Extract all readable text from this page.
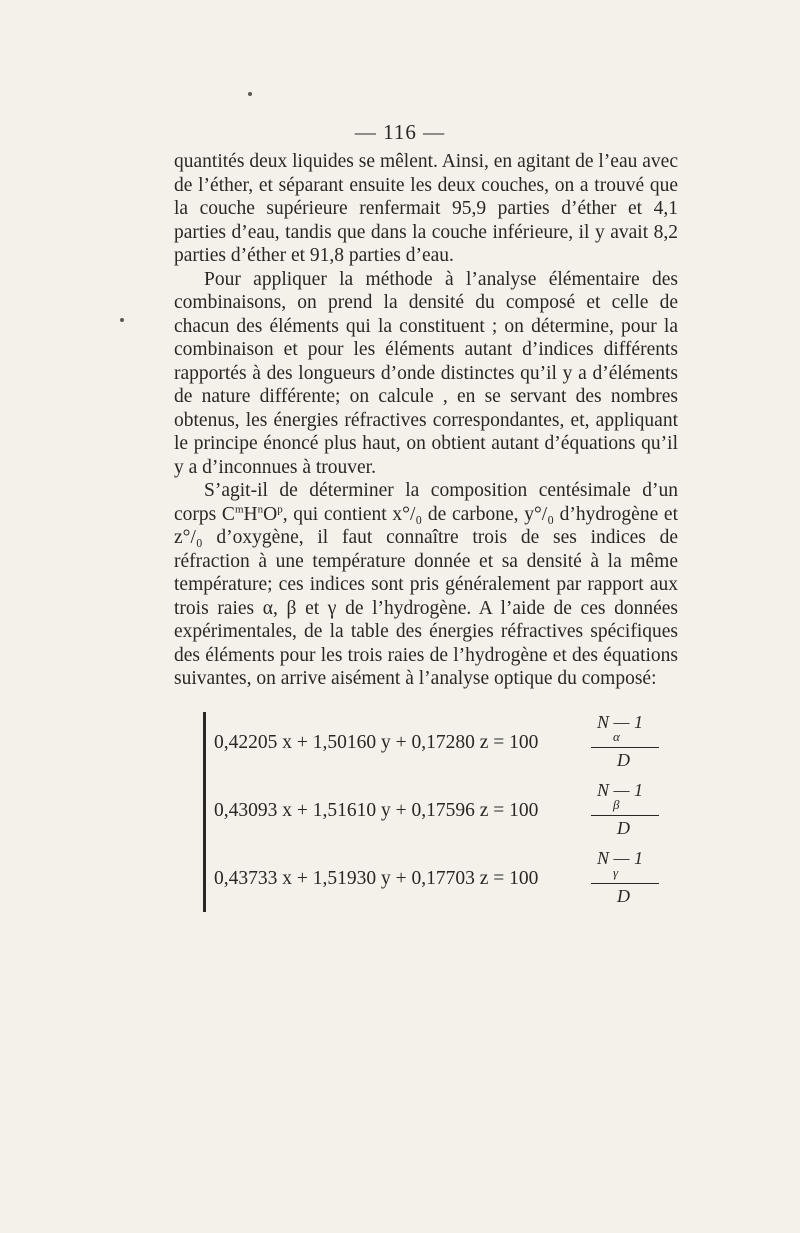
— 116 —

quantités deux liquides se mêlent. Ainsi, en agitant de l’eau avec de l’éther, et séparant ensuite les deux couches, on a trouvé que la couche supérieure renfermait 95,9 parties d’éther et 4,1 parties d’eau, tandis que dans la couche inférieure, il y avait 8,2 parties d’éther et 91,8 parties d’eau.

Pour appliquer la méthode à l’analyse élémentaire des combinaisons, on prend la densité du composé et celle de chacun des éléments qui la constituent ; on détermine, pour la combinaison et pour les éléments autant d’indices différents rapportés à des longueurs d’onde distinctes qu’il y a d’éléments de nature différente; on calcule , en se servant des nombres obtenus, les énergies réfractives correspondantes, et, appliquant le principe énoncé plus haut, on obtient autant d’équations qu’il y a d’inconnues à trouver.

S’agit-il de déterminer la composition centésimale d’un corps $C^mH^nO^p$, qui contient x°/₀ de carbone, y°/₀ d’hydrogène et z°/₀ d’oxygène, il faut connaître trois de ses indices de réfraction à une température donnée et sa densité à la même température; ces indices sont pris généralement par rapport aux trois raies α, β et γ de l’hydrogène. A l’aide de ces données expérimentales, de la table des énergies réfractives spécifiques des éléments pour les trois raies de l’hydrogène et des équations suivantes, on arrive aisément à l’analyse optique du composé:

0,42205 x + 1,50160 y + 0,17280 z = 100
N — 1
α
D
0,43093 x + 1,51610 y + 0,17596 z = 100
N — 1
β
D
0,43733 x + 1,51930 y + 0,17703 z = 100
N — 1
γ
D
